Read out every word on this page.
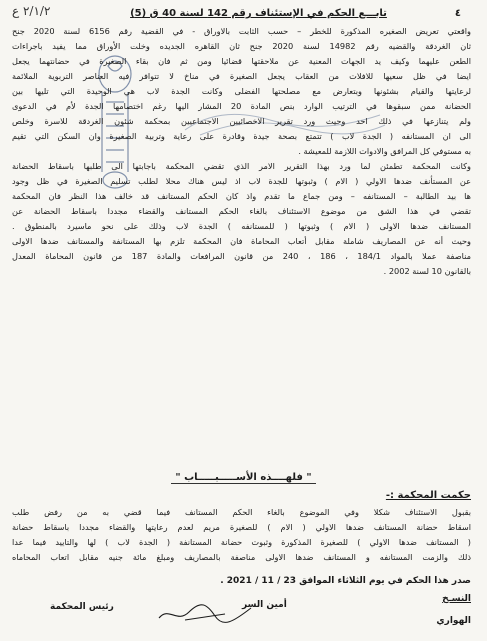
٢/١/٢ ع	٤
تابـــع الحكم في الإستئناف رقم 142 لسنة 40 ق (5)
واقعتي تعريض الصغيره المذكورة للخطر – حسب الثابت بالاوراق - في القضية رقم 6156 لسنة 2020 جنح
ثان الغردقة والقضيه رقم 14982 لسنة 2020 جنح ثان القاهره الجديده وخلت الأوراق مما يفيد باجراءات
الطعن عليهما وكيف يد الجهات المعنية عن ملاحقتها قضائيا ومن ثم فان بقاء الصغيرة في حضانتهما يجعل
ايضا في ظل سعيها للافلات من العقاب يجعل الصغيرة في مناخ لا تتوافر فيه العناصر التربوية الملائمة
لرعايتها والقيام بشئونها وبتعارض مع مصلحتها الفضلى وكانت الجدة لاب هي الوحيدة التي تليها بين
الحضانة ممن سبقوها في الترتيب الوارد بنص المادة 20 المشار اليها رغم اختصامها الجدة لأم في الدعوى
ولم يتنازعها في ذلك احد وحيث ورد تقرير الاخصائيين الاجتماعيين بمحكمة شئون الغردقة للاسرة وخلص
الى ان المستانفه ( الجدة لاب ) تتمتع بصحة جيدة وقادرة على رعاية وتربية الصغيرة وان السكن التي تقيم
به مستوفي كل المرافق والادوات اللازمة للمعيشة .
وكانت المحكمة تطمئن لما ورد بهذا التقرير الامر الذي تقضي المحكمة باجابتها الى طلبها باسقاط الحضانة
عن المستأنف ضدها الاولي ( الام ) وثبوتها للجدة لاب اذ ليس هناك محلا لطلب تسليم الصغيرة في ظل وجود
ها بيد الطالبة – المستانفه – ومن جماع ما تقدم واذ كان الحكم المستانف قد خالف هذا النظر فان المحكمة
تقضي في هذا الشق من موضوع الاستئناف بالغاء الحكم المستانف والقضاء مجددا باسقاط الحضانة عن
المستانف ضدها الاولى ( الام ) وثبوتها ( للمستانفه ) الجدة لاب وذلك على نحو ماسيرد بالمنطوق .
وحيث أنه عن المصاريف شاملة مقابل أتعاب المحاماة فان المحكمة تلزم بها المستانفة والمستانف ضدها الاولى
مناصفة عملا بالمواد 184/1 ، 186 ، 240 من قانون المرافعات والمادة 187 من قانون المحاماة المعدل
بالقانون 10 لسنة 2002 .
" فلهــــذه الأســـــبـــــاب "
حكمت المحكمة :-
بقبول الاستئناف شكلا وفي الموضوع بالغاء الحكم المستانف فيما قضي به من رفض طلب
اسقاط حضانة المستانف ضدها الاولي ( الام ) للصغيرة مريم لعدم رعايتها والقضاء مجددا باسقاط حضانة
( المستانف ضدها الاولي ) للصغيرة المذكورة وثبوت حضانة المستانفة ( الجدة لاب ) لها والتاييد فيما عدا
ذلك والزمت المستانفه و المستانف ضدها الاولى مناصفة بالمصاريف ومبلغ مائة جنيه مقابل اتعاب المحاماه
صدر هذا الحكم في يوم الثلاثاء الموافق 23 / 11 / 2021 .
النسـخ
الهواري
أمين السر
رئيس المحكمة
